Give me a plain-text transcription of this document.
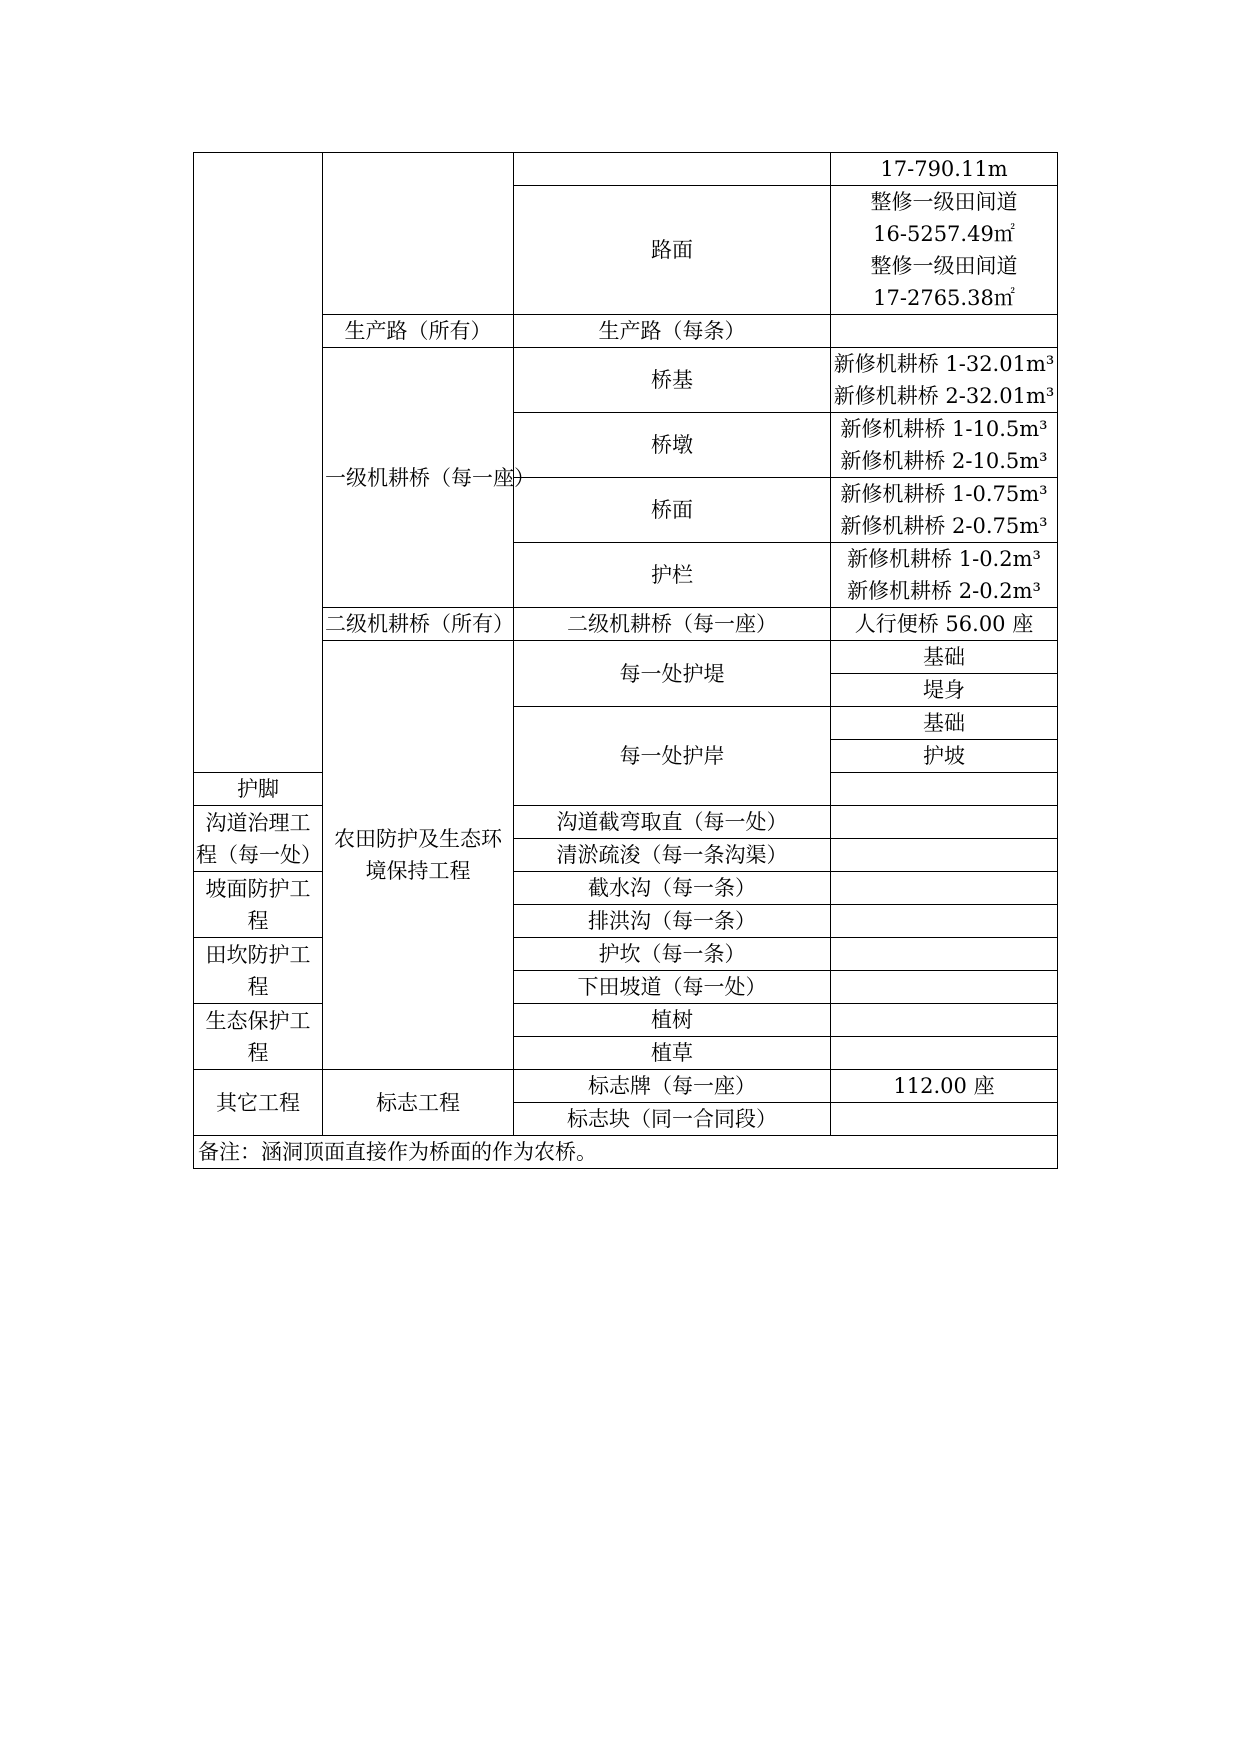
			17-790.11m	
		路面	整修一级田间道
16-5257.49㎡
整修一级田间道
17-2765.38㎡	

	生产路（所有）	生产路（每条）		
	一级机耕桥（每一座）	桥基	新修机耕桥 1-32.01m³
新修机耕桥 2-32.01m³	

		桥墩	新修机耕桥 1-10.5m³
新修机耕桥 2-10.5m³	

		桥面	新修机耕桥 1-0.75m³
新修机耕桥 2-0.75m³	

		护栏	新修机耕桥 1-0.2m³
新修机耕桥 2-0.2m³	

	二级机耕桥（所有）	二级机耕桥（每一座）	人行便桥 56.00 座	
	农田防护及生态环境保持工程	每一处护堤	基础	
			堤身	
		每一处护岸	基础	
			护坡	
护脚				
沟道治理工程（每一处）		沟道截弯取直（每一处）		
		清淤疏浚（每一条沟渠）		
坡面防护工程		截水沟（每一条）		
		排洪沟（每一条）		
田坎防护工程		护坎（每一条）		
		下田坡道（每一处）		
生态保护工程		植树		
		植草		
其它工程	标志工程	标志牌（每一座）	112.00 座	
		标志块（同一合同段）		
备注：涵洞顶面直接作为桥面的作为农桥。				
